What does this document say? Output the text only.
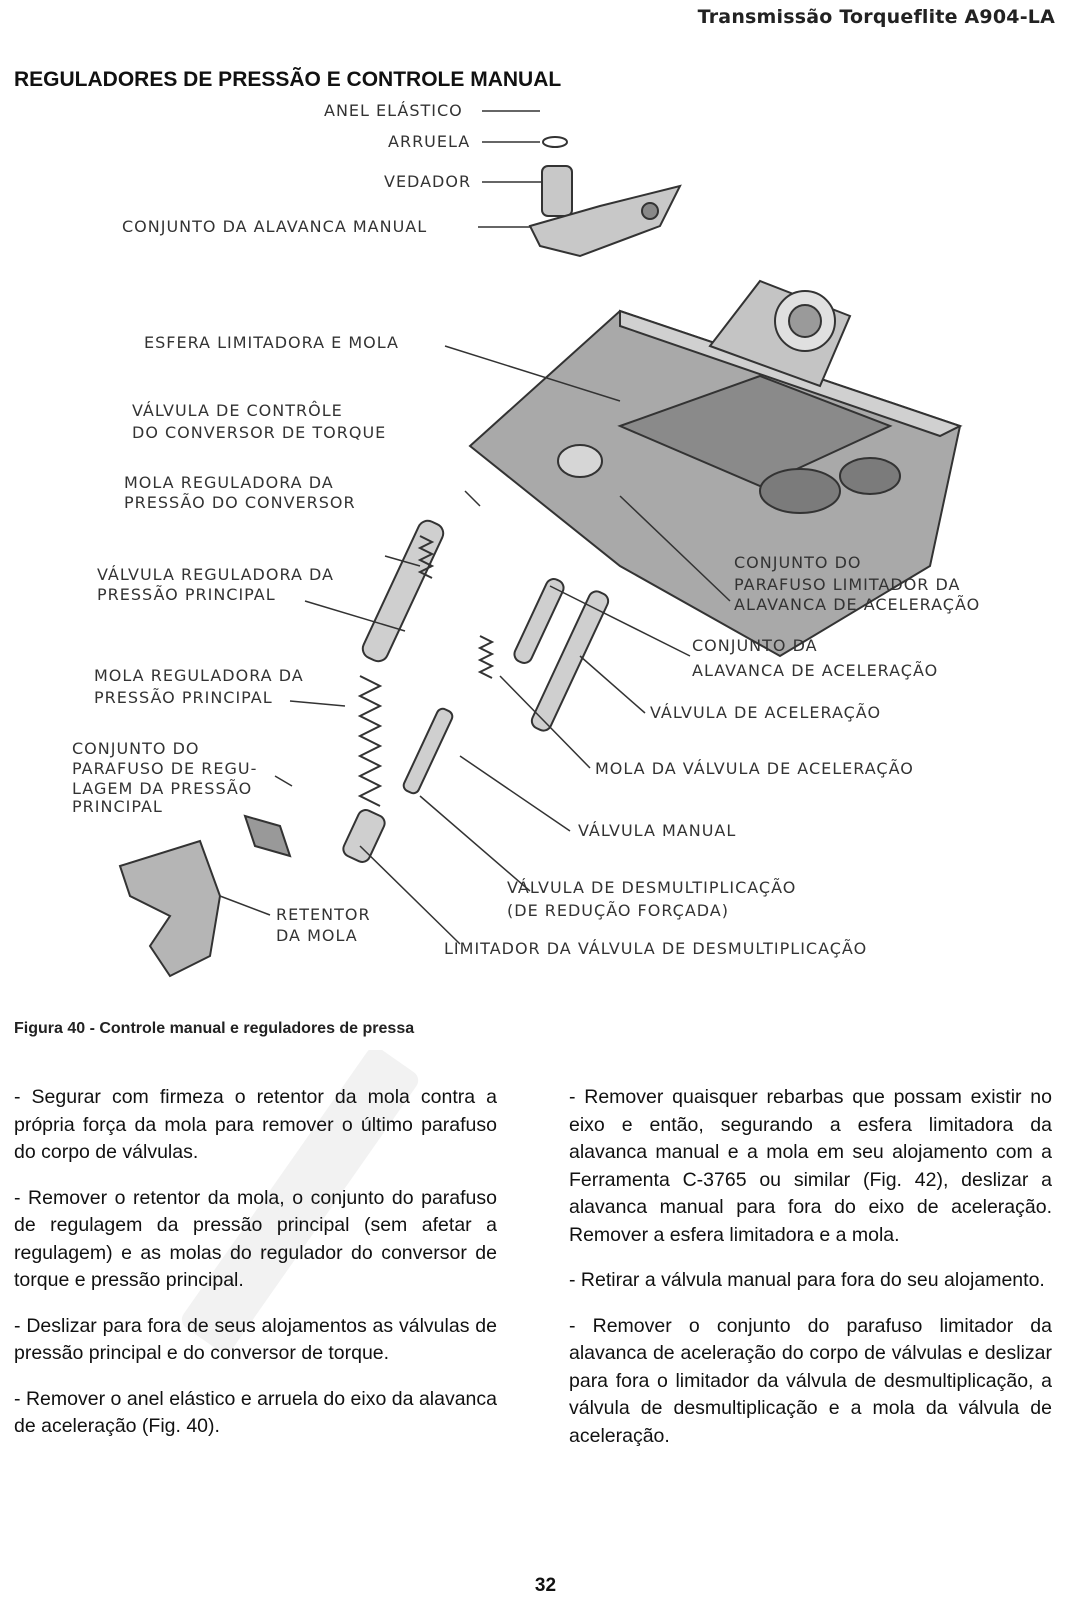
Transmissão Torqueflite A904-LA
REGULADORES DE PRESSÃO E CONTROLE MANUAL
ANEL ELÁSTICO
ARRUELA
VEDADOR
CONJUNTO DA ALAVANCA MANUAL
ESFERA LIMITADORA E MOLA
VÁLVULA DE CONTRÔLE
DO CONVERSOR DE TORQUE
MOLA REGULADORA DA
PRESSÃO DO CONVERSOR
VÁLVULA REGULADORA DA
PRESSÃO PRINCIPAL
MOLA REGULADORA DA
PRESSÃO PRINCIPAL
CONJUNTO DO
PARAFUSO DE REGU-
LAGEM DA PRESSÃO
PRINCIPAL
RETENTOR
DA MOLA
CONJUNTO DO
PARAFUSO LIMITADOR DA
ALAVANCA DE ACELERAÇÃO
CONJUNTO DA
ALAVANCA DE ACELERAÇÃO
VÁLVULA DE ACELERAÇÃO
MOLA DA VÁLVULA DE ACELERAÇÃO
VÁLVULA MANUAL
VÁLVULA DE DESMULTIPLICAÇÃO
(DE REDUÇÃO FORÇADA)
LIMITADOR DA VÁLVULA DE DESMULTIPLICAÇÃO
Figura 40 - Controle manual e reguladores de pressa

- Segurar com firmeza o retentor da mola contra a própria força da mola para remover o último parafuso do corpo de válvulas.

- Remover o retentor da mola, o conjunto do parafuso de regulagem da pressão principal (sem afetar a regulagem) e as molas do regulador do conversor de torque e pressão principal.

- Deslizar para fora de seus alojamentos as válvulas de pressão principal e do conversor de torque.

- Remover o anel elástico e arruela do eixo da alavanca de aceleração (Fig. 40).

- Remover quaisquer rebarbas que possam existir no eixo e então, segurando a esfera limitadora da alavanca manual e a mola em seu alojamento com a Ferramenta C-3765 ou similar (Fig. 42), deslizar a alavanca manual para fora do eixo de aceleração. Remover a esfera limitadora e a mola.

- Retirar a válvula manual para fora do seu alojamento.

- Remover o conjunto do parafuso limitador da alavanca de aceleração do corpo de válvulas e deslizar para fora o limitador da válvula de desmultiplicação, a válvula de desmultiplicação e a mola da válvula de aceleração.

32
